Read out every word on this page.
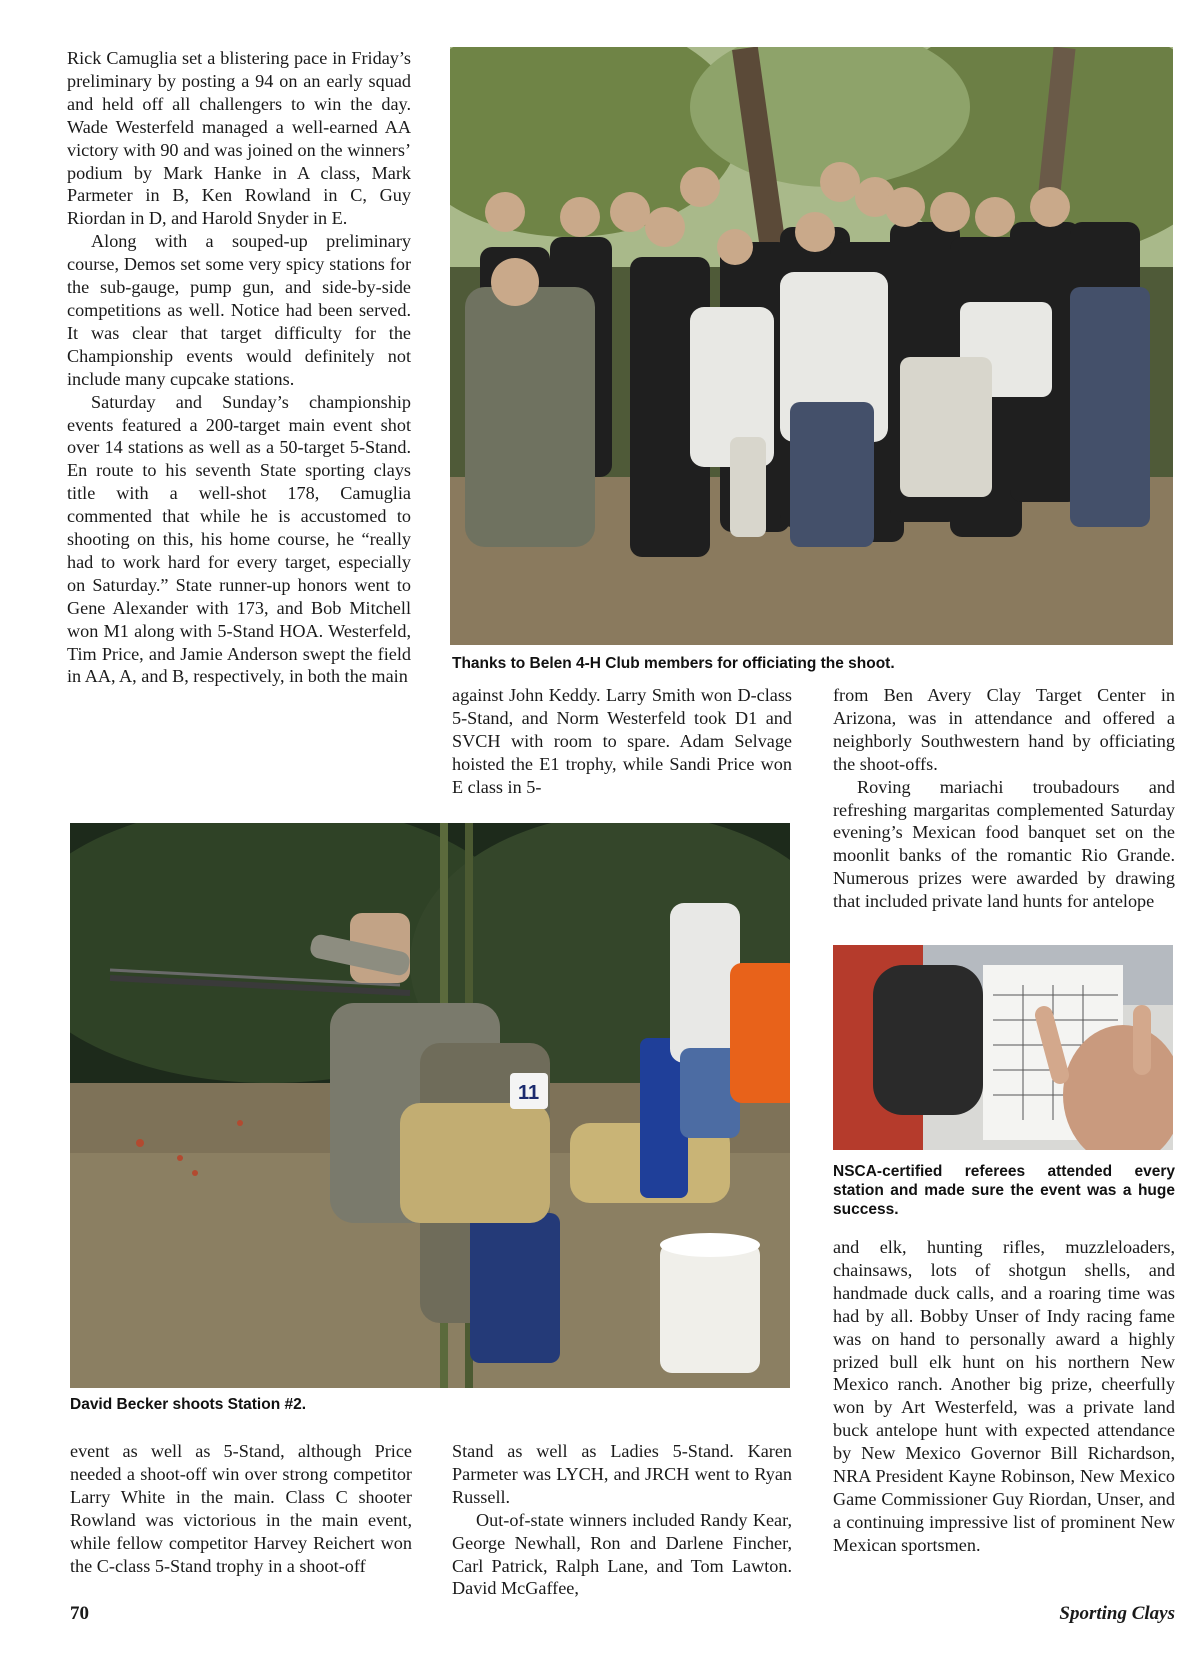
Rick Camuglia set a blistering pace in Friday’s preliminary by posting a 94 on an early squad and held off all challengers to win the day. Wade Westerfeld managed a well-earned AA victory with 90 and was joined on the winners’ podium by Mark Hanke in A class, Mark Parmeter in B, Ken Rowland in C, Guy Riordan in D, and Harold Snyder in E.

Along with a souped-up preliminary course, Demos set some very spicy stations for the sub-gauge, pump gun, and side-by-side competitions as well. Notice had been served. It was clear that target difficulty for the Championship events would definitely not include many cupcake stations.

Saturday and Sunday’s championship events featured a 200-target main event shot over 14 stations as well as a 50-target 5-Stand. En route to his seventh State sporting clays title with a well-shot 178, Camuglia commented that while he is accustomed to shooting on this, his home course, he “really had to work hard for every target, especially on Saturday.” State runner-up honors went to Gene Alexander with 173, and Bob Mitchell won M1 along with 5-Stand HOA. Westerfeld, Tim Price, and Jamie Anderson swept the field in AA, A, and B, respectively, in both the main

Thanks to Belen 4-H Club members for officiating the shoot.

against John Keddy. Larry Smith won D-class 5-Stand, and Norm Westerfeld took D1 and SVCH with room to spare. Adam Selvage hoisted the E1 trophy, while Sandi Price won E class in 5-

from Ben Avery Clay Target Center in Arizona, was in attendance and offered a neighborly Southwestern hand by officiating the shoot-offs.

Roving mariachi troubadours and refreshing margaritas complemented Saturday evening’s Mexican food banquet set on the moonlit banks of the romantic Rio Grande. Numerous prizes were awarded by drawing that included private land hunts for antelope

11
David Becker shoots Station #2.
NSCA-certified referees attended every station and made sure the event was a huge success.

event as well as 5-Stand, although Price needed a shoot-off win over strong competitor Larry White in the main. Class C shooter Rowland was victorious in the main event, while fellow competitor Harvey Reichert won the C-class 5-Stand trophy in a shoot-off

Stand as well as Ladies 5-Stand. Karen Parmeter was LYCH, and JRCH went to Ryan Russell.

Out-of-state winners included Randy Kear, George Newhall, Ron and Darlene Fincher, Carl Patrick, Ralph Lane, and Tom Lawton. David McGaffee,

and elk, hunting rifles, muzzleloaders, chainsaws, lots of shotgun shells, and handmade duck calls, and a roaring time was had by all. Bobby Unser of Indy racing fame was on hand to personally award a highly prized bull elk hunt on his northern New Mexico ranch. Another big prize, cheerfully won by Art Westerfeld, was a private land buck antelope hunt with expected attendance by New Mexico Governor Bill Richardson, NRA President Kayne Robinson, New Mexico Game Commissioner Guy Riordan, Unser, and a continuing impressive list of prominent New Mexican sportsmen.

70	Sporting Clays
